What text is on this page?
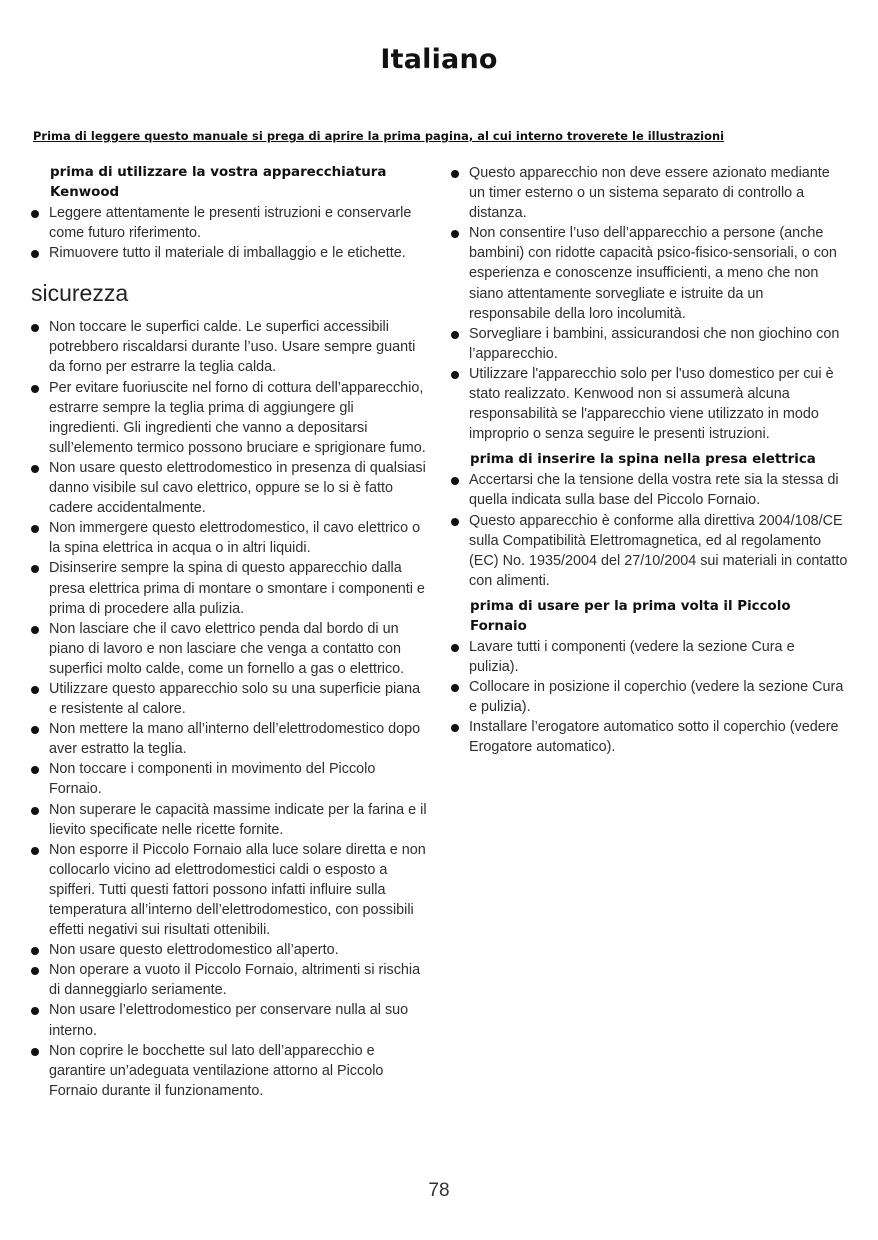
Italiano
Prima di leggere questo manuale si prega di aprire la prima pagina, al cui interno troverete le illustrazioni
prima di utilizzare la vostra apparecchiatura Kenwood
Leggere attentamente le presenti istruzioni e conservarle come futuro riferimento.
Rimuovere tutto il materiale di imballaggio e le etichette.
sicurezza
Non toccare le superfici calde. Le superfici accessibili potrebbero riscaldarsi durante l’uso. Usare sempre guanti da forno per estrarre la teglia calda.
Per evitare fuoriuscite nel forno di cottura dell’apparecchio, estrarre sempre la teglia prima di aggiungere gli ingredienti. Gli ingredienti che vanno a depositarsi sull’elemento termico possono bruciare e sprigionare fumo.
Non usare questo elettrodomestico in presenza di qualsiasi danno visibile sul cavo elettrico, oppure se lo si è fatto cadere accidentalmente.
Non immergere questo elettrodomestico, il cavo elettrico o la spina elettrica in acqua o in altri liquidi.
Disinserire sempre la spina di questo apparecchio dalla presa elettrica prima di montare o smontare i componenti e prima di procedere alla pulizia.
Non lasciare che il cavo elettrico penda dal bordo di un piano di lavoro e non lasciare che venga a contatto con superfici molto calde, come un fornello a gas o elettrico.
Utilizzare questo apparecchio solo su una superficie piana e resistente al calore.
Non mettere la mano all’interno dell’elettrodomestico dopo aver estratto la teglia.
Non toccare i componenti in movimento del Piccolo Fornaio.
Non superare le capacità massime indicate per la farina e il lievito specificate nelle ricette fornite.
Non esporre il Piccolo Fornaio alla luce solare diretta e non collocarlo vicino ad elettrodomestici caldi o esposto a spifferi. Tutti questi fattori possono infatti influire sulla temperatura all’interno dell’elettrodomestico, con possibili effetti negativi sui risultati ottenibili.
Non usare questo elettrodomestico all’aperto.
Non operare a vuoto il Piccolo Fornaio, altrimenti si rischia di danneggiarlo seriamente.
Non usare l’elettrodomestico per conservare nulla al suo interno.
Non coprire le bocchette sul lato dell’apparecchio e garantire un’adeguata ventilazione attorno al Piccolo Fornaio durante il funzionamento.
Questo apparecchio non deve essere azionato mediante un timer esterno o un sistema separato di controllo a distanza.
Non consentire l’uso dell’apparecchio a persone (anche bambini) con ridotte capacità psico-fisico-sensoriali, o con esperienza e conoscenze insufficienti, a meno che non siano attentamente sorvegliate e istruite da un responsabile della loro incolumità.
Sorvegliare i bambini, assicurandosi che non giochino con l’apparecchio.
Utilizzare l'apparecchio solo per l'uso domestico per cui è stato realizzato. Kenwood non si assumerà alcuna responsabilità se l'apparecchio viene utilizzato in modo improprio o senza seguire le presenti istruzioni.
prima di inserire la spina nella presa elettrica
Accertarsi che la tensione della vostra rete sia la stessa di quella indicata sulla base del Piccolo Fornaio.
Questo apparecchio è conforme alla direttiva 2004/108/CE sulla Compatibilità Elettromagnetica, ed al regolamento (EC) No. 1935/2004 del 27/10/2004 sui materiali in contatto con alimenti.
prima di usare per la prima volta il Piccolo Fornaio
Lavare tutti i componenti (vedere la sezione Cura e pulizia).
Collocare in posizione il coperchio (vedere la sezione Cura e pulizia).
Installare l’erogatore automatico sotto il coperchio (vedere Erogatore automatico).
78
